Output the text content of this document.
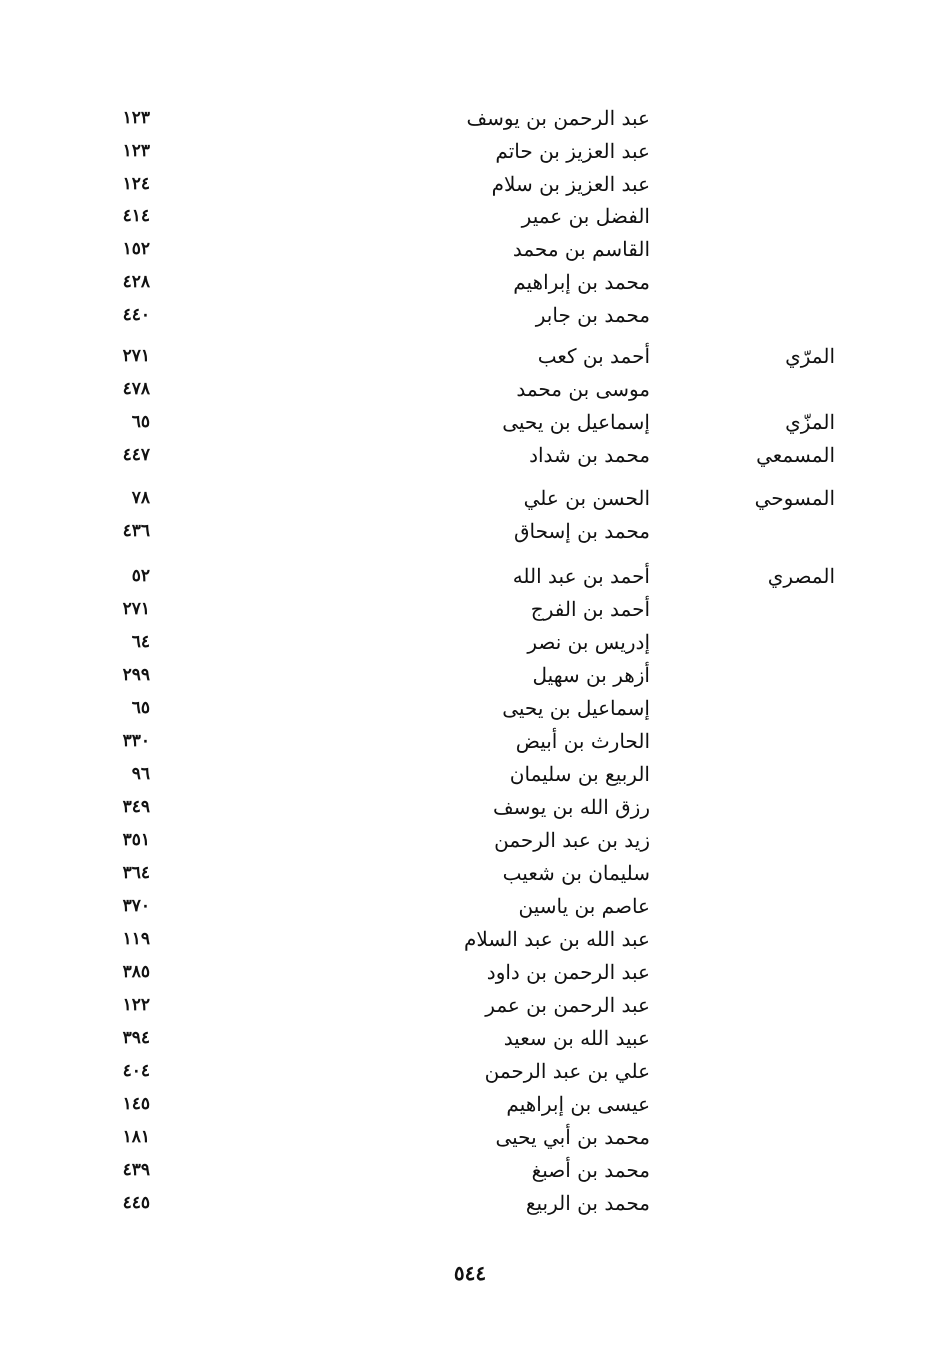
عبد الرحمن بن يوسف
١٢٣
عبد العزيز بن حاتم
١٢٣
عبد العزيز بن سلام
١٢٤
الفضل بن عمير
٤١٤
القاسم بن محمد
١٥٢
محمد بن إبراهيم
٤٢٨
محمد بن جابر
٤٤٠
المرّي
أحمد بن كعب
٢٧١
موسى بن محمد
٤٧٨
المزّي
إسماعيل بن يحيى
٦٥
المسمعي
محمد بن شداد
٤٤٧
المسوحي
الحسن بن علي
٧٨
محمد بن إسحاق
٤٣٦
المصري
أحمد بن عبد الله
٥٢
أحمد بن الفرج
٢٧١
إدريس بن نصر
٦٤
أزهر بن سهيل
٢٩٩
إسماعيل بن يحيى
٦٥
الحارث بن أبيض
٣٣٠
الربيع بن سليمان
٩٦
رزق الله بن يوسف
٣٤٩
زيد بن عبد الرحمن
٣٥١
سليمان بن شعيب
٣٦٤
عاصم بن ياسين
٣٧٠
عبد الله بن عبد السلام
١١٩
عبد الرحمن بن داود
٣٨٥
عبد الرحمن بن عمر
١٢٢
عبيد الله بن سعيد
٣٩٤
علي بن عبد الرحمن
٤٠٤
عيسى بن إبراهيم
١٤٥
محمد بن أبي يحيى
١٨١
محمد بن أصبغ
٤٣٩
محمد بن الربيع
٤٤٥
٥٤٤
